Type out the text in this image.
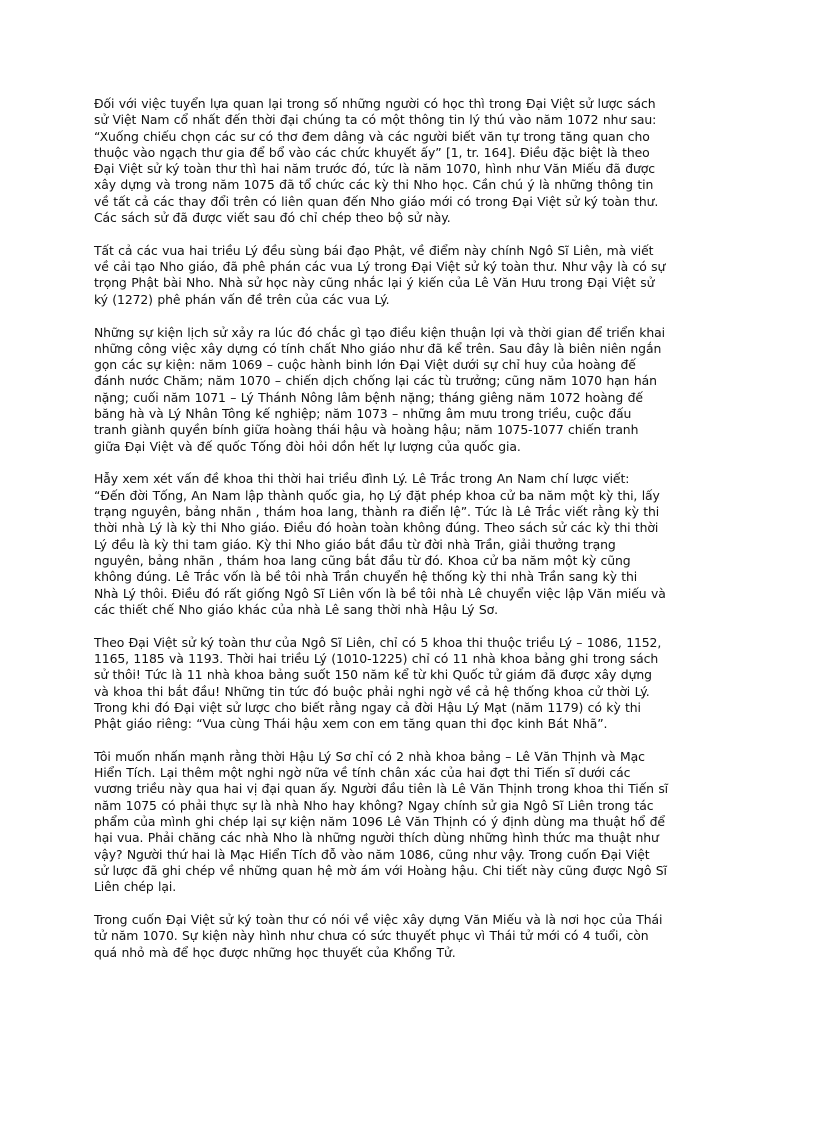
Đối với việc tuyển lựa quan lại trong số những người có học thì trong Đại Việt sử lược sách
sử Việt Nam cổ nhất đến thời đại chúng ta có một thông tin lý thú vào năm 1072 như sau:
“Xuống chiếu chọn các sư có thơ đem dâng và các người biết văn tự trong tăng quan cho
thuộc vào ngạch thư gia để bổ vào các chức khuyết ấy” [1, tr. 164]. Điều đặc biệt là theo
Đại Việt sử ký toàn thư thì hai năm trước đó, tức là năm 1070, hình như Văn Miếu đã được
xây dựng và trong năm 1075 đã tổ chức các kỳ thi Nho học. Cần chú ý là những thông tin
về tất cả các thay đổi trên có liên quan đến Nho giáo mới có trong Đại Việt sử ký toàn thư.
Các sách sử đã được viết sau đó chỉ chép theo bộ sử này.
Tất cả các vua hai triều Lý đều sùng bái đạo Phật, về điểm này chính Ngô Sĩ Liên, mà viết
về cải tạo Nho giáo, đã phê phán các vua Lý trong Đại Việt sử ký toàn thư. Như vậy là có sự
trọng Phật bài Nho. Nhà sử học này cũng nhắc lại ý kiến của Lê Văn Hưu trong Đại Việt sử
ký (1272) phê phán vấn đề trên của các vua Lý.
Những sự kiện lịch sử xảy ra lúc đó chắc gì tạo điều kiện thuận lợi và thời gian để triển khai
những công việc xây dựng có tính chất Nho giáo như đã kể trên. Sau đây là biên niên ngắn
gọn các sự kiện: năm 1069 – cuộc hành binh lớn Đại Việt dưới sự chỉ huy của hoàng đế
đánh nước Chăm; năm 1070 – chiến dịch chống lại các tù trưởng; cũng năm 1070 hạn hán
nặng; cuối năm 1071 – Lý Thánh Nông lâm bệnh nặng; tháng giêng năm 1072 hoàng đế
băng hà và Lý Nhân Tông kế nghiệp; năm 1073 – những âm mưu trong triều, cuộc đấu
tranh giành quyền bính giữa hoàng thái hậu và hoàng hậu; năm 1075-1077 chiến tranh
giữa Đại Việt và đế quốc Tống đòi hỏi dồn hết lự lượng của quốc gia.
Hẫy xem xét vấn đề khoa thi thời hai triều đình Lý. Lê Trắc trong An Nam chí lược viết:
“Đến đời Tống, An Nam lập thành quốc gia, họ Lý đặt phép khoa cử ba năm một kỳ thi, lấy
trạng nguyên, bảng nhãn , thám hoa lang, thành ra điển lệ”. Tức là Lê Trắc viết rằng kỳ thi
thời nhà Lý là kỳ thi Nho giáo. Điều đó hoàn toàn không đúng. Theo sách sử các kỳ thi thời
Lý đều là kỳ thi tam giáo. Kỳ thi Nho giáo bắt đầu từ đời nhà Trần, giải thưởng trạng
nguyên, bảng nhãn , thám hoa lang cũng bắt đầu từ đó. Khoa cử ba năm một kỳ cũng
không đúng. Lê Trắc vốn là bề tôi nhà Trần chuyển hệ thống kỳ thi nhà Trần sang kỳ thi
Nhà Lý thôi. Điều đó rất giống Ngô Sĩ Liên vốn là bề tôi nhà Lê chuyển việc lập Văn miếu và
các thiết chế Nho giáo khác của nhà Lê sang thời nhà Hậu Lý Sơ.
Theo Đại Việt sử ký toàn thư của Ngô Sĩ Liên, chỉ có 5 khoa thi thuộc triều Lý – 1086, 1152,
1165, 1185 và 1193. Thời hai triều Lý (1010-1225) chỉ có 11 nhà khoa bảng ghi trong sách
sử thôi! Tức là 11 nhà khoa bảng suốt 150 năm kể từ khi Quốc tử giám đã được xây dựng
và khoa thi bắt đầu! Những tin tức đó buộc phải nghi ngờ về cả hệ thống khoa cử thời Lý.
Trong khi đó Đại việt sử lược cho biết rằng ngay cả đời Hậu Lý Mạt (năm 1179) có kỳ thi
Phật giáo riêng: “Vua cùng Thái hậu xem con em tăng quan thi đọc kinh Bát Nhã”.
Tôi muốn nhấn mạnh rằng thời Hậu Lý Sơ chỉ có 2 nhà khoa bảng – Lê Văn Thịnh và Mạc
Hiển Tích. Lại thêm một nghi ngờ nữa về tính chân xác của hai đợt thi Tiến sĩ dưới các
vương triều này qua hai vị đại quan ấy. Người đầu tiên là Lê Văn Thịnh trong khoa thi Tiến sĩ
năm 1075 có phải thực sự là nhà Nho hay không? Ngay chính sử gia Ngô Sĩ Liên trong tác
phẩm của mình ghi chép lại sự kiện năm 1096 Lê Văn Thịnh có ý định dùng ma thuật hổ để
hại vua. Phải chăng các nhà Nho là những người thích dùng những hình thức ma thuật như
vậy? Người thứ hai là Mạc Hiển Tích đỗ vào năm 1086, cũng như vậy. Trong cuốn Đại Việt
sử lược đã ghi chép về những quan hệ mờ ám với Hoàng hậu. Chi tiết này cũng được Ngô Sĩ
Liên chép lại.
Trong cuốn Đại Việt sử ký toàn thư có nói về việc xây dựng Văn Miếu và là nơi học của Thái
tử năm 1070. Sự kiện này hình như chưa có sức thuyết phục vì Thái tử mới có 4 tuổi, còn
quá nhỏ mà để học được những học thuyết của Khổng Tử.
